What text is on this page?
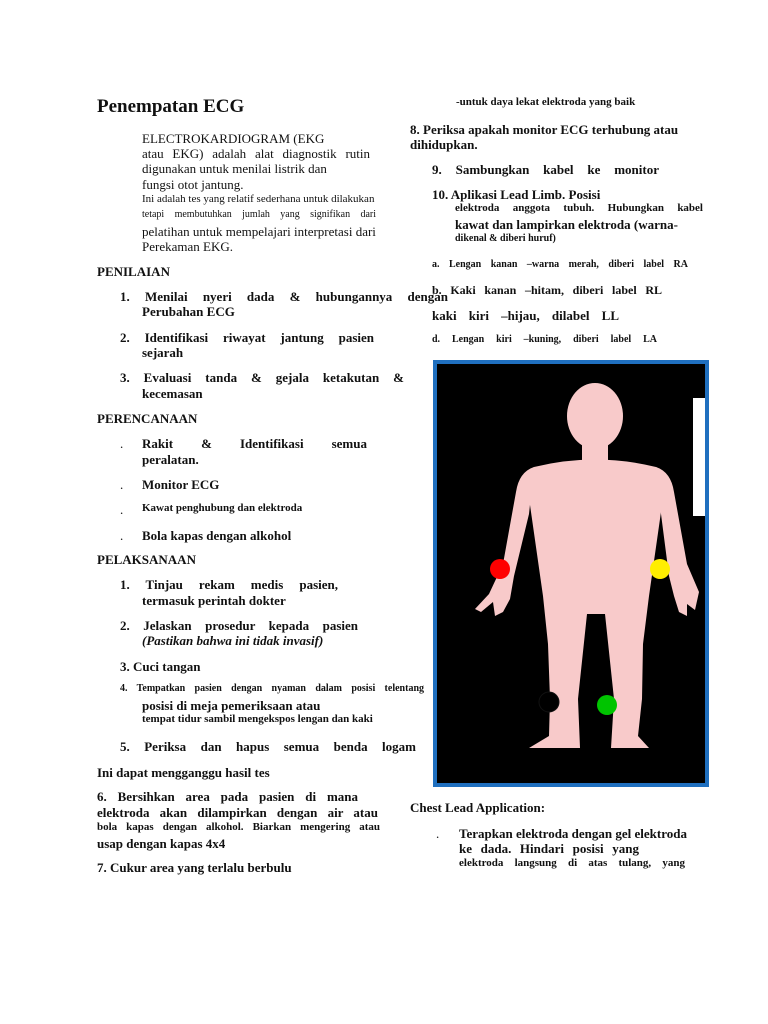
Penempatan ECG
ELECTROKARDIOGRAM (EKG
atau EKG) adalah alat diagnostik rutin
digunakan untuk menilai listrik dan
fungsi otot jantung.
Ini adalah tes yang relatif sederhana untuk dilakukan
tetapi membutuhkan jumlah yang signifikan dari
pelatihan untuk mempelajari interpretasi dari
Perekaman EKG.
PENILAIAN
1. Menilai nyeri dada & hubungannya dengan
Perubahan ECG
2. Identifikasi riwayat jantung pasien
sejarah
3. Evaluasi tanda & gejala ketakutan &
kecemasan
PERENCANAAN
. Rakit & Identifikasi semua
peralatan.
. Monitor ECG
. Kawat penghubung dan elektroda
. Bola kapas dengan alkohol
PELAKSANAAN
1. Tinjau rekam medis pasien,
termasuk perintah dokter
2. Jelaskan prosedur kepada pasien
(Pastikan bahwa ini tidak invasif)
3. Cuci tangan
4. Tempatkan pasien dengan nyaman dalam posisi telentang
posisi di meja pemeriksaan atau
tempat tidur sambil mengekspos lengan dan kaki
5. Periksa dan hapus semua benda logam
Ini dapat mengganggu hasil tes
6. Bersihkan area pada pasien di mana
elektroda akan dilampirkan dengan air atau
bola kapas dengan alkohol. Biarkan mengering atau
usap dengan kapas 4x4
7. Cukur area yang terlalu berbulu
-untuk daya lekat elektroda yang baik
8. Periksa apakah monitor ECG terhubung atau
dihidupkan.
9. Sambungkan kabel ke monitor
10. Aplikasi Lead Limb. Posisi
elektroda anggota tubuh. Hubungkan kabel
kawat dan lampirkan elektroda (warna-
dikenal & diberi huruf)
a. Lengan kanan –warna merah, diberi label RA
b. Kaki kanan –hitam, diberi label RL
kaki kiri –hijau, dilabel LL
d. Lengan kiri –kuning, diberi label LA
Chest Lead Application:
. Terapkan elektroda dengan gel elektroda
ke dada. Hindari posisi yang
elektroda langsung di atas tulang, yang
